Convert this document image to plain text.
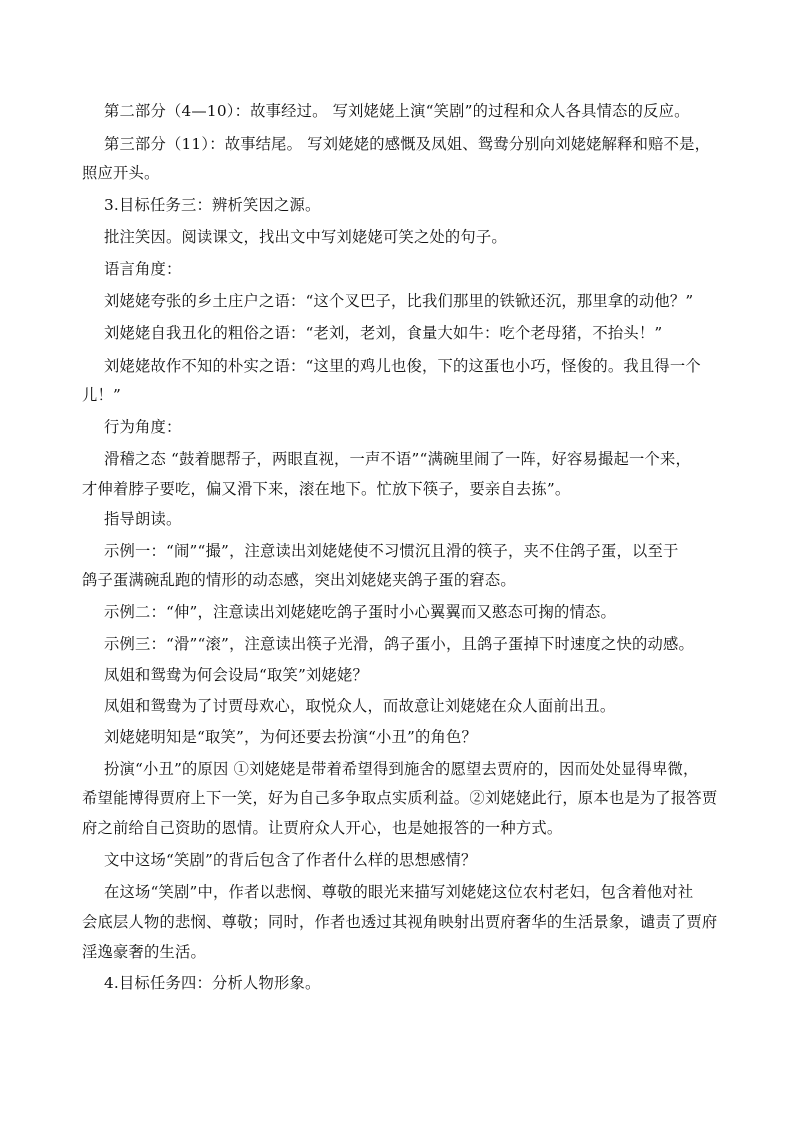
第二部分（4—10）：故事经过。 写刘姥姥上演“笑剧”的过程和众人各具情态的反应。
第三部分（11）：故事结尾。 写刘姥姥的感慨及凤姐、鸳鸯分别向刘姥姥解释和赔不是，
照应开头。
3.目标任务三：辨析笑因之源。
批注笑因。阅读课文，找出文中写刘姥姥可笑之处的句子。
语言角度：
刘姥姥夸张的乡土庄户之语：“这个叉巴子，比我们那里的铁锨还沉，那里拿的动他？”
刘姥姥自我丑化的粗俗之语：“老刘，老刘，食量大如牛：吃个老母猪，不抬头！”
刘姥姥故作不知的朴实之语：“这里的鸡儿也俊，下的这蛋也小巧，怪俊的。我且得一个
儿！”
行为角度：
滑稽之态 “鼓着腮帮子，两眼直视，一声不语”“满碗里闹了一阵，好容易撮起一个来，
才伸着脖子要吃，偏又滑下来，滚在地下。忙放下筷子，要亲自去拣”。
指导朗读。
示例一：“闹”“撮”，注意读出刘姥姥使不习惯沉且滑的筷子，夹不住鸽子蛋，以至于
鸽子蛋满碗乱跑的情形的动态感，突出刘姥姥夹鸽子蛋的窘态。
示例二：“伸”，注意读出刘姥姥吃鸽子蛋时小心翼翼而又憨态可掬的情态。
示例三：“滑”“滚”，注意读出筷子光滑，鸽子蛋小，且鸽子蛋掉下时速度之快的动感。
凤姐和鸳鸯为何会设局“取笑”刘姥姥？
凤姐和鸳鸯为了讨贾母欢心，取悦众人，而故意让刘姥姥在众人面前出丑。
刘姥姥明知是“取笑”，为何还要去扮演“小丑”的角色？
扮演“小丑”的原因 ①刘姥姥是带着希望得到施舍的愿望去贾府的，因而处处显得卑微，
希望能博得贾府上下一笑，好为自己多争取点实质利益。②刘姥姥此行，原本也是为了报答贾
府之前给自己资助的恩情。让贾府众人开心，也是她报答的一种方式。
文中这场“笑剧”的背后包含了作者什么样的思想感情？
在这场“笑剧”中，作者以悲悯、尊敬的眼光来描写刘姥姥这位农村老妇，包含着他对社
会底层人物的悲悯、尊敬；同时，作者也透过其视角映射出贾府奢华的生活景象，谴责了贾府
淫逸豪奢的生活。
4.目标任务四：分析人物形象。
